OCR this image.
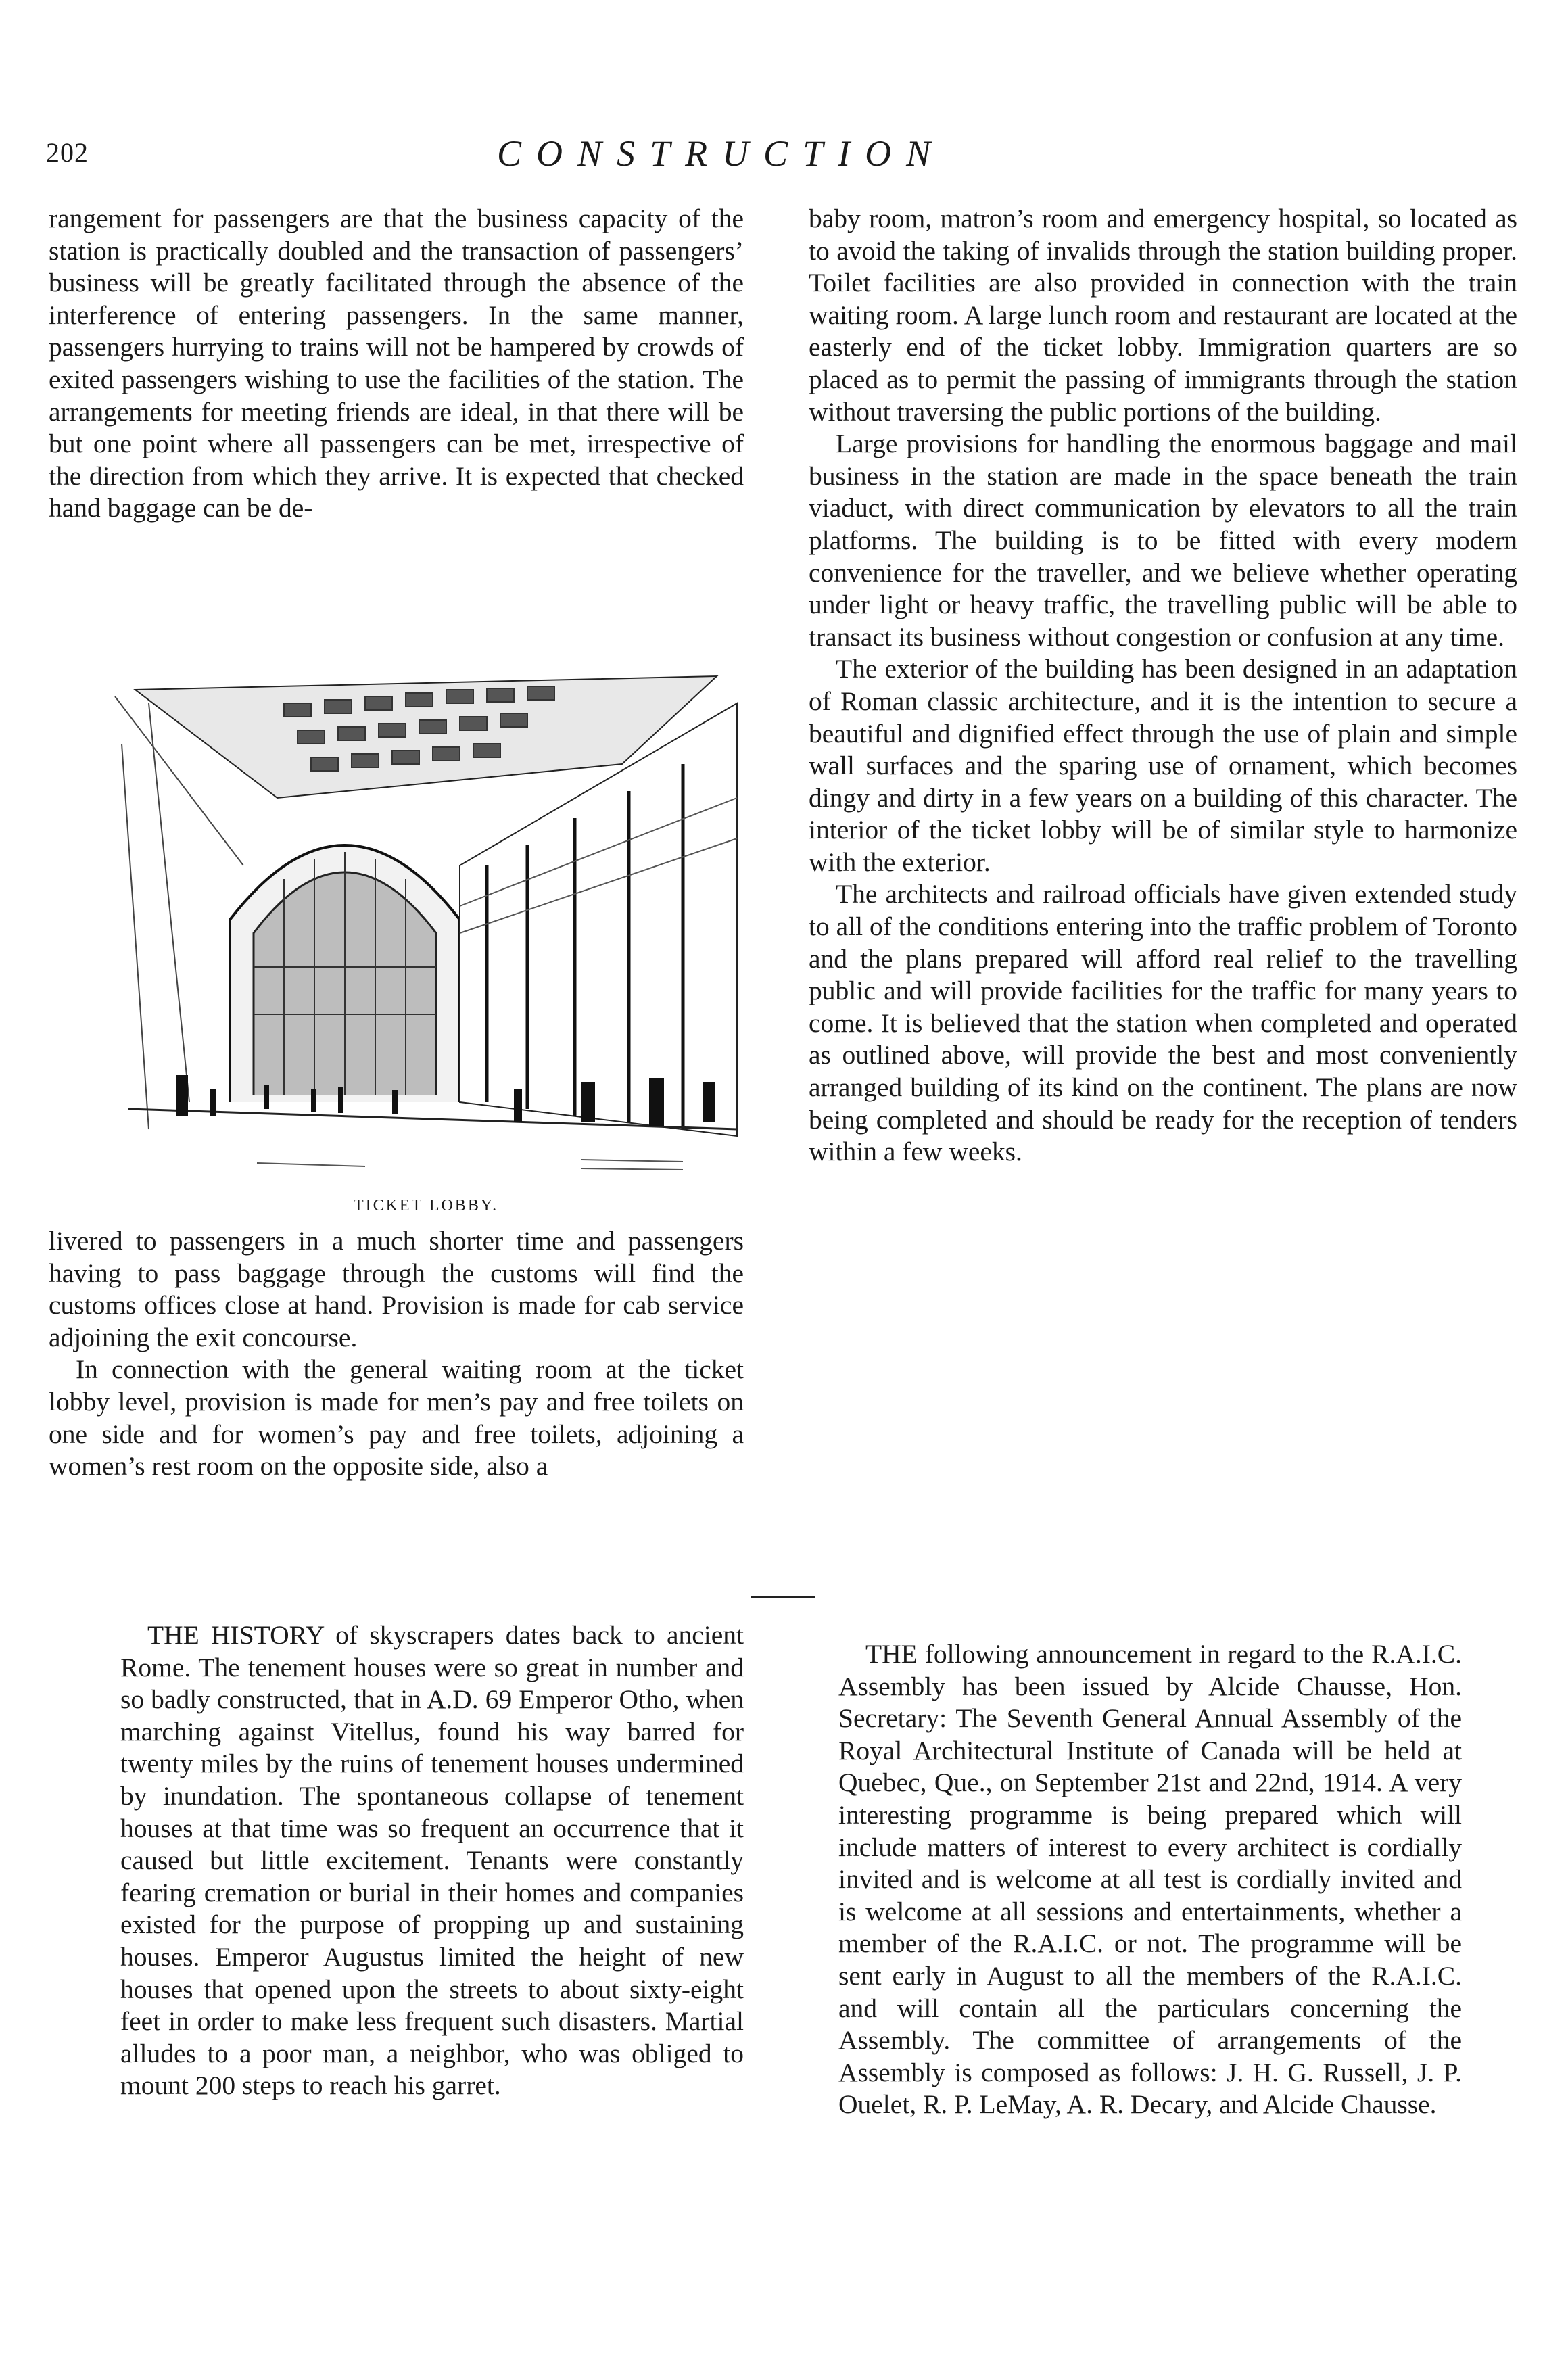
202	CONSTRUCTION

rangement for passengers are that the business capacity of the station is practically doubled and the transaction of passengers’ business will be greatly facilitated through the absence of the interference of entering passengers. In the same manner, passengers hurrying to trains will not be hampered by crowds of exited passengers wishing to use the facilities of the station. The arrangements for meeting friends are ideal, in that there will be but one point where all passengers can be met, irrespective of the direction from which they arrive. It is expected that checked hand baggage can be de-

TICKET LOBBY.

livered to passengers in a much shorter time and passengers having to pass baggage through the customs will find the customs offices close at hand. Provision is made for cab service adjoining the exit concourse.

In connection with the general waiting room at the ticket lobby level, provision is made for men’s pay and free toilets on one side and for women’s pay and free toilets, adjoining a women’s rest room on the opposite side, also a

baby room, matron’s room and emergency hospital, so located as to avoid the taking of invalids through the station building proper. Toilet facilities are also provided in connection with the train waiting room. A large lunch room and restaurant are located at the easterly end of the ticket lobby. Immigration quarters are so placed as to permit the passing of immigrants through the station without traversing the public portions of the building.

Large provisions for handling the enormous baggage and mail business in the station are made in the space beneath the train viaduct, with direct communication by elevators to all the train platforms. The building is to be fitted with every modern convenience for the traveller, and we believe whether operating under light or heavy traffic, the travelling public will be able to transact its business without congestion or confusion at any time.

The exterior of the building has been designed in an adaptation of Roman classic architecture, and it is the intention to secure a beautiful and dignified effect through the use of plain and simple wall surfaces and the sparing use of ornament, which becomes dingy and dirty in a few years on a building of this character. The interior of the ticket lobby will be of similar style to harmonize with the exterior.

The architects and railroad officials have given extended study to all of the conditions entering into the traffic problem of Toronto and the plans prepared will afford real relief to the travelling public and will provide facilities for the traffic for many years to come. It is believed that the station when completed and operated as outlined above, will provide the best and most conveniently arranged building of its kind on the continent. The plans are now being completed and should be ready for the reception of tenders within a few weeks.

THE HISTORY of skyscrapers dates back to ancient Rome. The tenement houses were so great in number and so badly constructed, that in A.D. 69 Emperor Otho, when marching against Vitellus, found his way barred for twenty miles by the ruins of tenement houses undermined by inundation. The spontaneous collapse of tenement houses at that time was so frequent an occurrence that it caused but little excitement. Tenants were constantly fearing cremation or burial in their homes and companies existed for the purpose of propping up and sustaining houses. Emperor Augustus limited the height of new houses that opened upon the streets to about sixty-eight feet in order to make less frequent such disasters. Martial alludes to a poor man, a neighbor, who was obliged to mount 200 steps to reach his garret.

THE following announcement in regard to the R.A.I.C. Assembly has been issued by Alcide Chausse, Hon. Secretary: The Seventh General Annual Assembly of the Royal Architectural Institute of Canada will be held at Quebec, Que., on September 21st and 22nd, 1914. A very interesting programme is being prepared which will include matters of interest to every architect is cordially invited and is welcome at all test is cordially invited and is welcome at all sessions and entertainments, whether a member of the R.A.I.C. or not. The programme will be sent early in August to all the members of the R.A.I.C. and will contain all the particulars concerning the Assembly. The committee of arrangements of the Assembly is composed as follows: J. H. G. Russell, J. P. Ouelet, R. P. LeMay, A. R. Decary, and Alcide Chausse.
